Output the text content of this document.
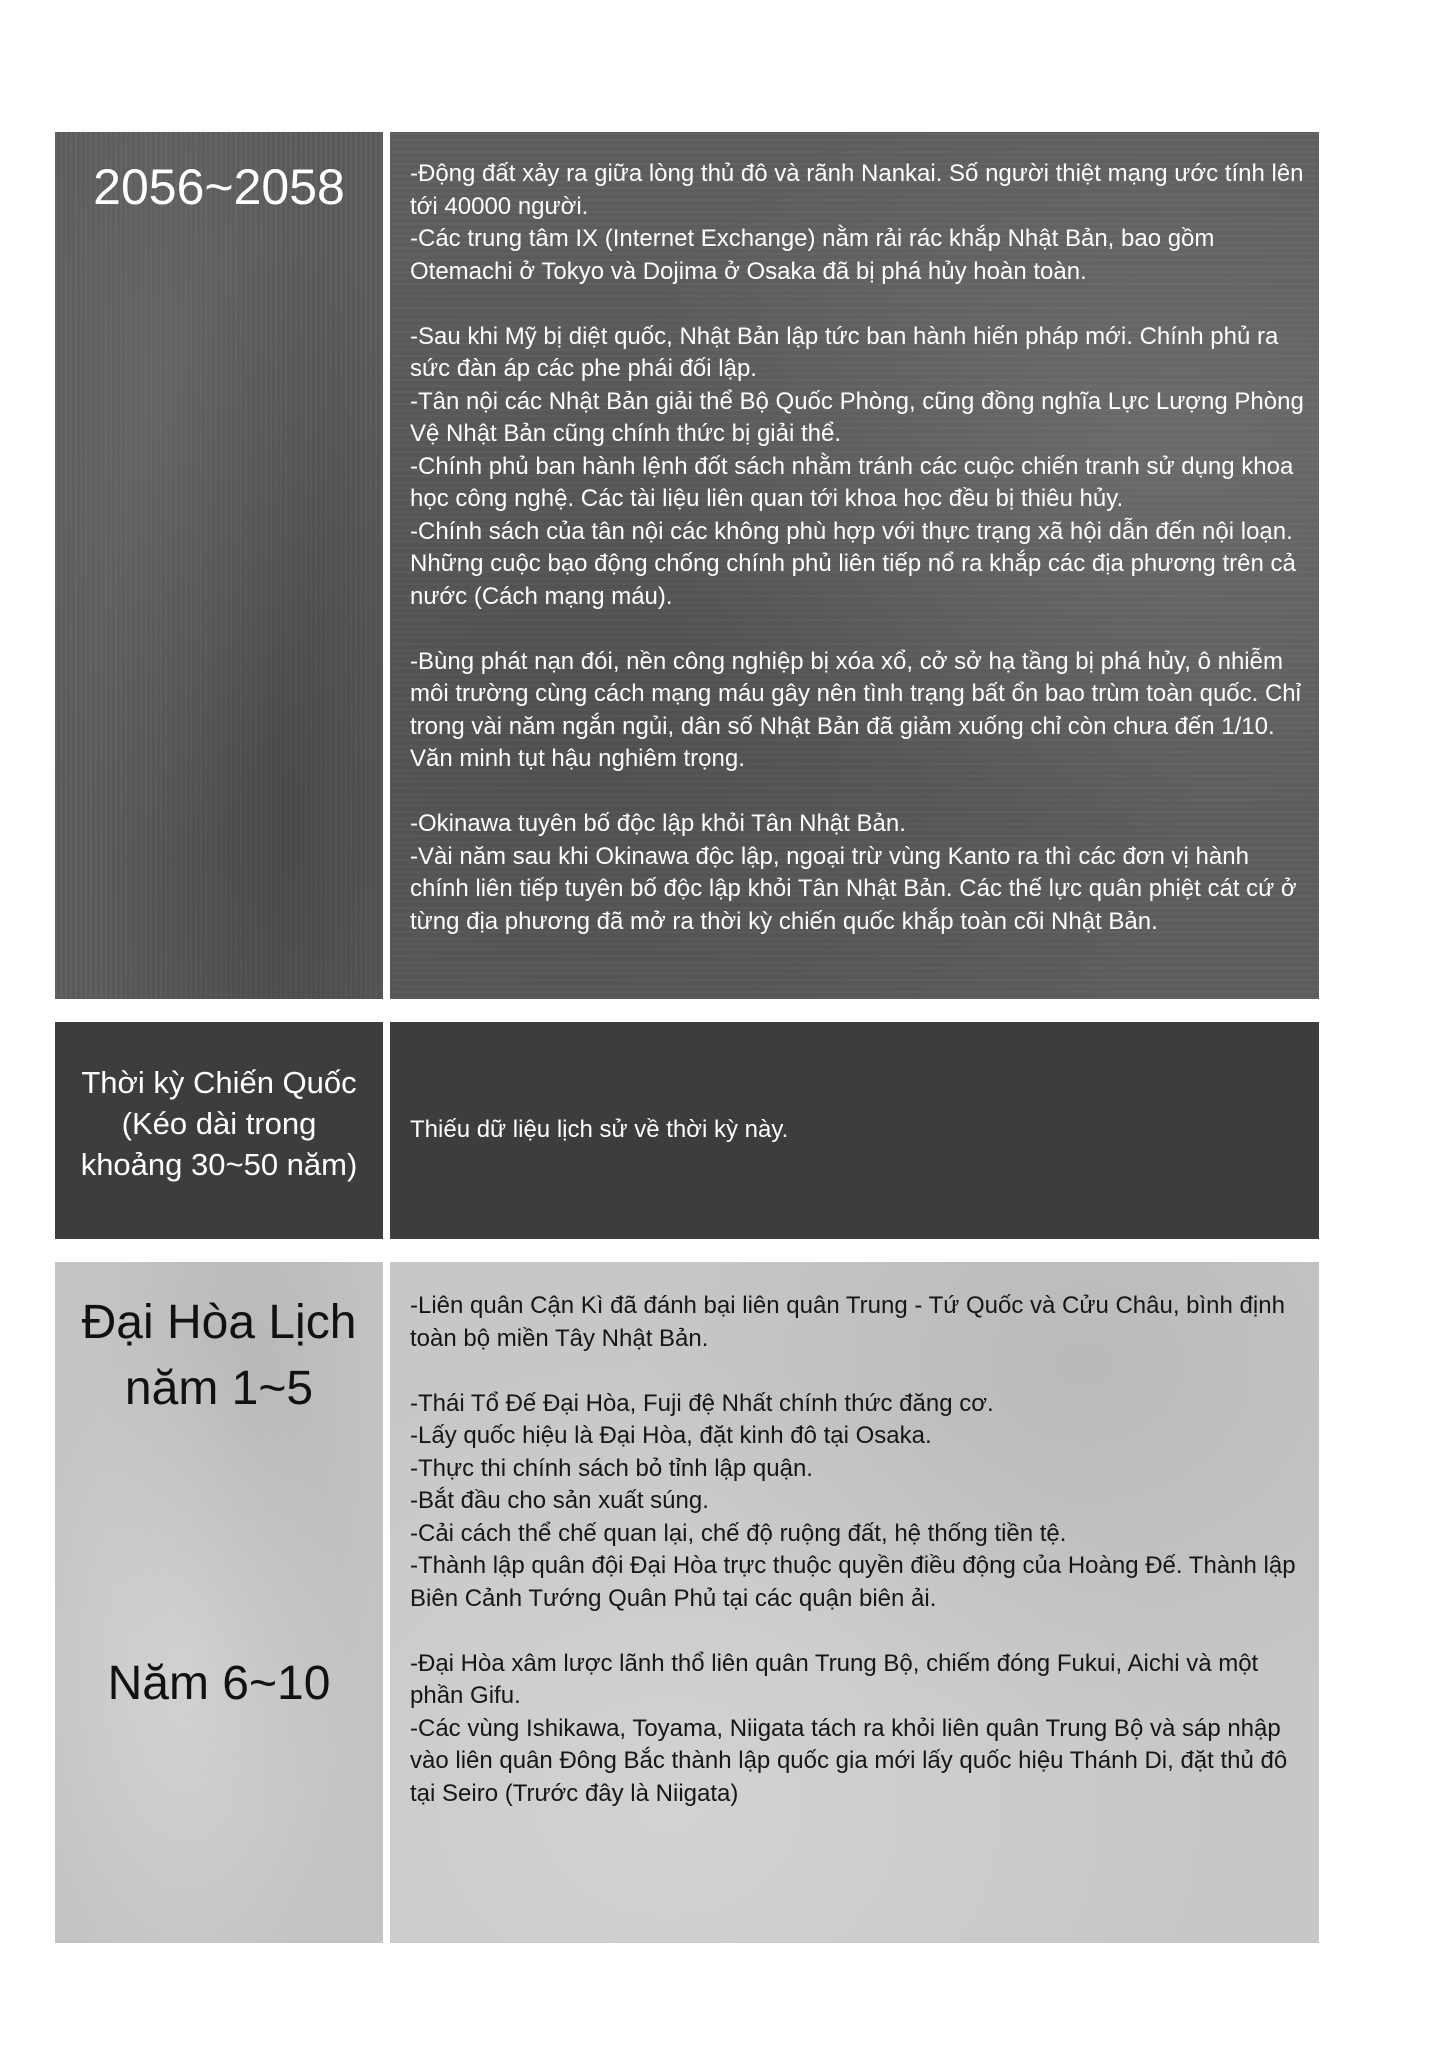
2056~2058	-Động đất xảy ra giữa lòng thủ đô và rãnh Nankai. Số người thiệt mạng ước tính lên tới 40000 người.

-Các trung tâm IX (Internet Exchange) nằm rải rác khắp Nhật Bản, bao gồm Otemachi ở Tokyo và Dojima ở Osaka đã bị phá hủy hoàn toàn.

-Sau khi Mỹ bị diệt quốc, Nhật Bản lập tức ban hành hiến pháp mới. Chính phủ ra sức đàn áp các phe phái đối lập.

-Tân nội các Nhật Bản giải thể Bộ Quốc Phòng, cũng đồng nghĩa Lực Lượng Phòng Vệ Nhật Bản cũng chính thức bị giải thể.

-Chính phủ ban hành lệnh đốt sách nhằm tránh các cuộc chiến tranh sử dụng khoa học công nghệ. Các tài liệu liên quan tới khoa học đều bị thiêu hủy.

-Chính sách của tân nội các không phù hợp với thực trạng xã hội dẫn đến nội loạn. Những cuộc bạo động chống chính phủ liên tiếp nổ ra khắp các địa phương trên cả nước (Cách mạng máu).

-Bùng phát nạn đói, nền công nghiệp bị xóa xổ, cở sở hạ tầng bị phá hủy, ô nhiễm môi trường cùng cách mạng máu gây nên tình trạng bất ổn bao trùm toàn quốc. Chỉ trong vài năm ngắn ngủi, dân số Nhật Bản đã giảm xuống chỉ còn chưa đến 1/10. Văn minh tụt hậu nghiêm trọng.

-Okinawa tuyên bố độc lập khỏi Tân Nhật Bản.

-Vài năm sau khi Okinawa độc lập, ngoại trừ vùng Kanto ra thì các đơn vị hành chính liên tiếp tuyên bố độc lập khỏi Tân Nhật Bản. Các thế lực quân phiệt cát cứ ở từng địa phương đã mở ra thời kỳ chiến quốc khắp toàn cõi Nhật Bản.

Thời kỳ Chiến Quốc
(Kéo dài trong
khoảng 30~50 năm)

Thiếu dữ liệu lịch sử về thời kỳ này.

Đại Hòa Lịch
năm 1~5
Năm 6~10

-Liên quân Cận Kì đã đánh bại liên quân Trung - Tứ Quốc và Cửu Châu, bình định toàn bộ miền Tây Nhật Bản.

-Thái Tổ Đế Đại Hòa, Fuji đệ Nhất chính thức đăng cơ.

-Lấy quốc hiệu là Đại Hòa, đặt kinh đô tại Osaka.

-Thực thi chính sách bỏ tỉnh lập quận.

-Bắt đầu cho sản xuất súng.

-Cải cách thể chế quan lại, chế độ ruộng đất, hệ thống tiền tệ.

-Thành lập quân đội Đại Hòa trực thuộc quyền điều động của Hoàng Đế. Thành lập Biên Cảnh Tướng Quân Phủ tại các quận biên ải.

-Đại Hòa xâm lược lãnh thổ liên quân Trung Bộ, chiếm đóng Fukui, Aichi và một phần Gifu.

-Các vùng Ishikawa, Toyama, Niigata tách ra khỏi liên quân Trung Bộ và sáp nhập vào liên quân Đông Bắc thành lập quốc gia mới lấy quốc hiệu Thánh Di, đặt thủ đô tại Seiro (Trước đây là Niigata)
